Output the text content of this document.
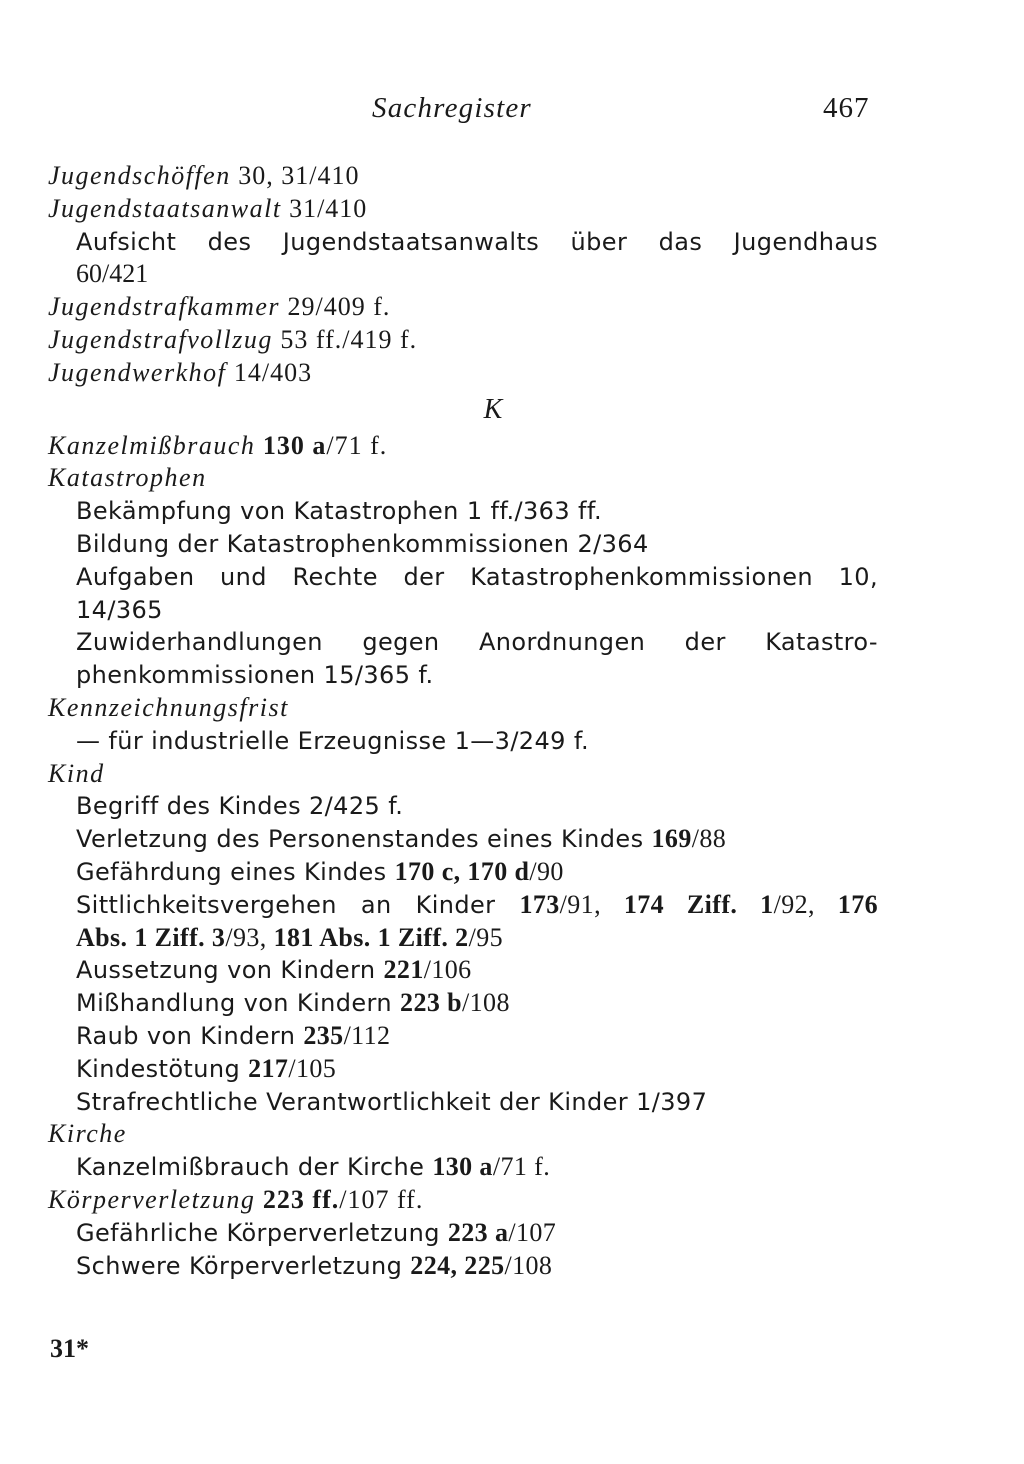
Sachregister	467
Jugendschöffen 30, 31/410
Jugendstaatsanwalt 31/410
Aufsicht des Jugendstaatsanwalts über das Jugendhaus
60/421
Jugendstrafkammer 29/409 f.
Jugendstrafvollzug 53 ff./419 f.
Jugendwerkhof 14/403
K
Kanzelmißbrauch 130 a/71 f.
Katastrophen
Bekämpfung von Katastrophen 1 ff./363 ff.
Bildung der Katastrophenkommissionen 2/364
Aufgaben und Rechte der Katastrophenkommissionen 10,
14/365
Zuwiderhandlungen gegen Anordnungen der Katastro-
phenkommissionen 15/365 f.
Kennzeichnungsfrist
— für industrielle Erzeugnisse 1—3/249 f.
Kind
Begriff des Kindes 2/425 f.
Verletzung des Personenstandes eines Kindes 169/88
Gefährdung eines Kindes 170 c, 170 d/90
Sittlichkeitsvergehen an Kinder 173/91, 174 Ziff. 1/92, 176
Abs. 1 Ziff. 3/93, 181 Abs. 1 Ziff. 2/95
Aussetzung von Kindern 221/106
Mißhandlung von Kindern 223 b/108
Raub von Kindern 235/112
Kindestötung 217/105
Strafrechtliche Verantwortlichkeit der Kinder 1/397
Kirche
Kanzelmißbrauch der Kirche 130 a/71 f.
Körperverletzung 223 ff./107 ff.
Gefährliche Körperverletzung 223 a/107
Schwere Körperverletzung 224, 225/108
31*
